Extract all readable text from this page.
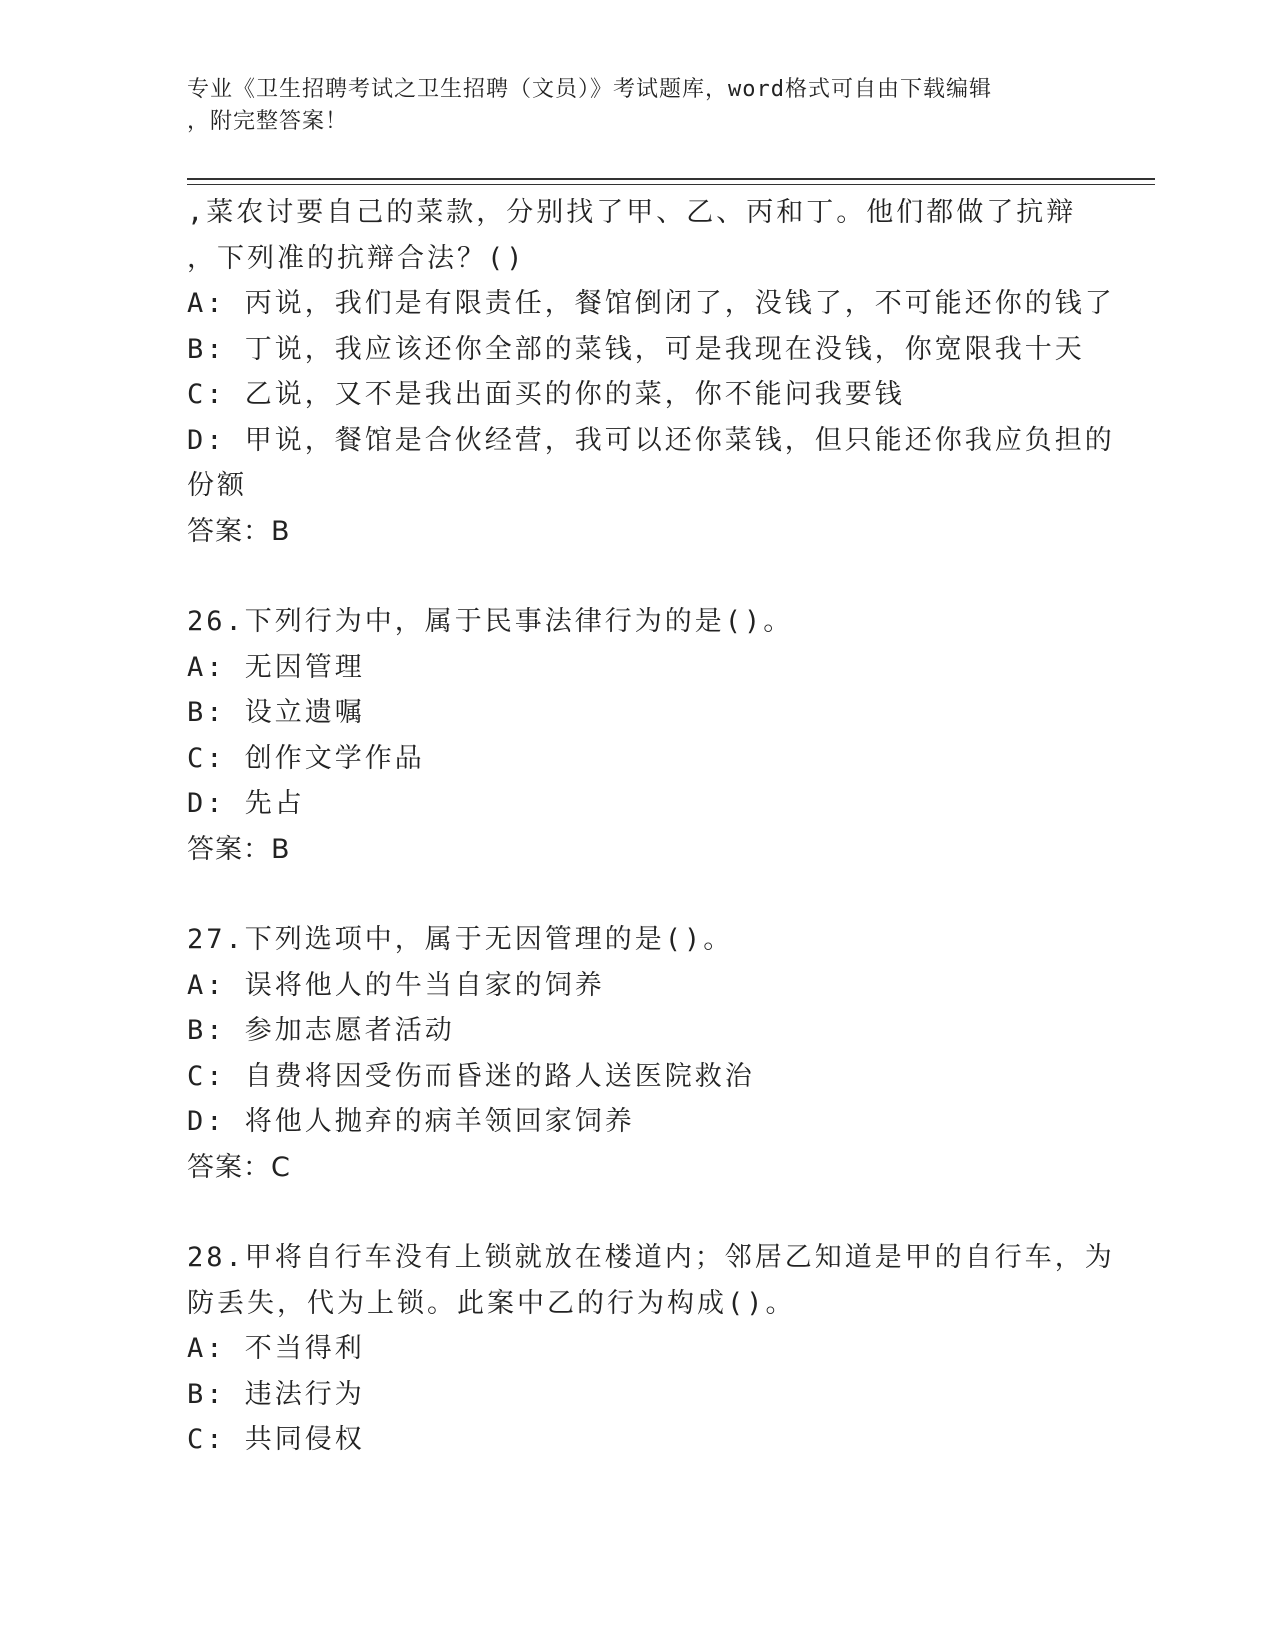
专业《卫生招聘考试之卫生招聘（文员）》考试题库，word格式可自由下载编辑
，附完整答案！
,菜农讨要自己的菜款，分别找了甲、乙、丙和丁。他们都做了抗辩
，下列准的抗辩合法？()
A: 丙说，我们是有限责任，餐馆倒闭了，没钱了，不可能还你的钱了
B: 丁说，我应该还你全部的菜钱，可是我现在没钱，你宽限我十天
C: 乙说，又不是我出面买的你的菜，你不能问我要钱
D: 甲说，餐馆是合伙经营，我可以还你菜钱，但只能还你我应负担的
份额
答案：B
26.下列行为中，属于民事法律行为的是()。
A: 无因管理
B: 设立遗嘱
C: 创作文学作品
D: 先占
答案：B
27.下列选项中，属于无因管理的是()。
A: 误将他人的牛当自家的饲养
B: 参加志愿者活动
C: 自费将因受伤而昏迷的路人送医院救治
D: 将他人抛弃的病羊领回家饲养
答案：C
28.甲将自行车没有上锁就放在楼道内；邻居乙知道是甲的自行车，为
防丢失，代为上锁。此案中乙的行为构成()。
A: 不当得利
B: 违法行为
C: 共同侵权
